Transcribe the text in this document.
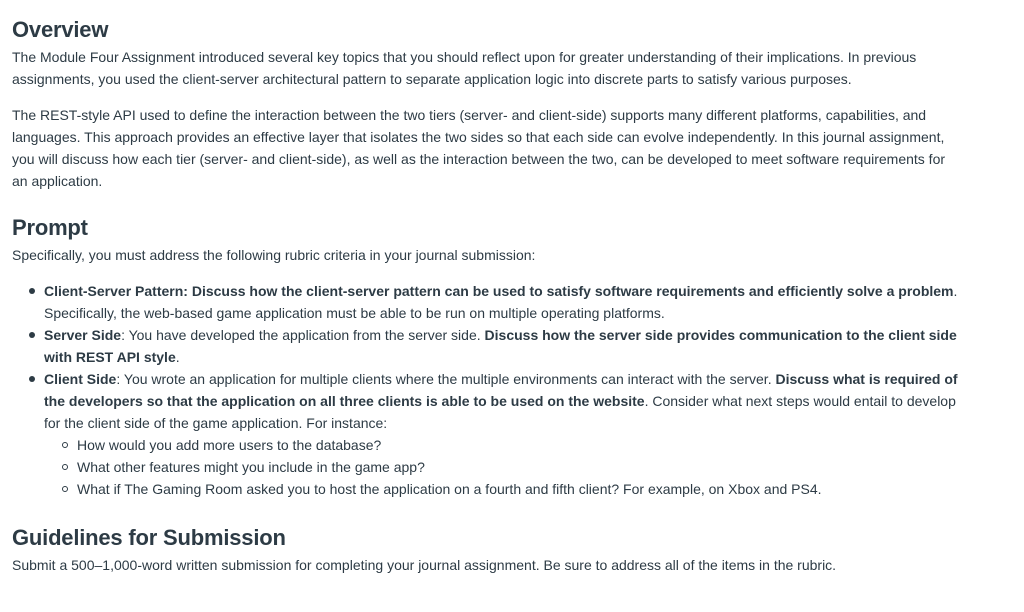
Overview

The Module Four Assignment introduced several key topics that you should reflect upon for greater understanding of their implications. In previous assignments, you used the client-server architectural pattern to separate application logic into discrete parts to satisfy various purposes.

The REST-style API used to define the interaction between the two tiers (server- and client-side) supports many different platforms, capabilities, and languages. This approach provides an effective layer that isolates the two sides so that each side can evolve independently. In this journal assignment, you will discuss how each tier (server- and client-side), as well as the interaction between the two, can be developed to meet software requirements for an application.

Prompt

Specifically, you must address the following rubric criteria in your journal submission:

Client-Server Pattern: Discuss how the client-server pattern can be used to satisfy software requirements and efficiently solve a problem. Specifically, the web-based game application must be able to be run on multiple operating platforms.
Server Side: You have developed the application from the server side. Discuss how the server side provides communication to the client side with REST API style.
Client Side: You wrote an application for multiple clients where the multiple environments can interact with the server. Discuss what is required of the developers so that the application on all three clients is able to be used on the website. Consider what next steps would entail to develop for the client side of the game application. For instance:
How would you add more users to the database?
What other features might you include in the game app?
What if The Gaming Room asked you to host the application on a fourth and fifth client? For example, on Xbox and PS4.
Guidelines for Submission

Submit a 500–1,000-word written submission for completing your journal assignment. Be sure to address all of the items in the rubric.
